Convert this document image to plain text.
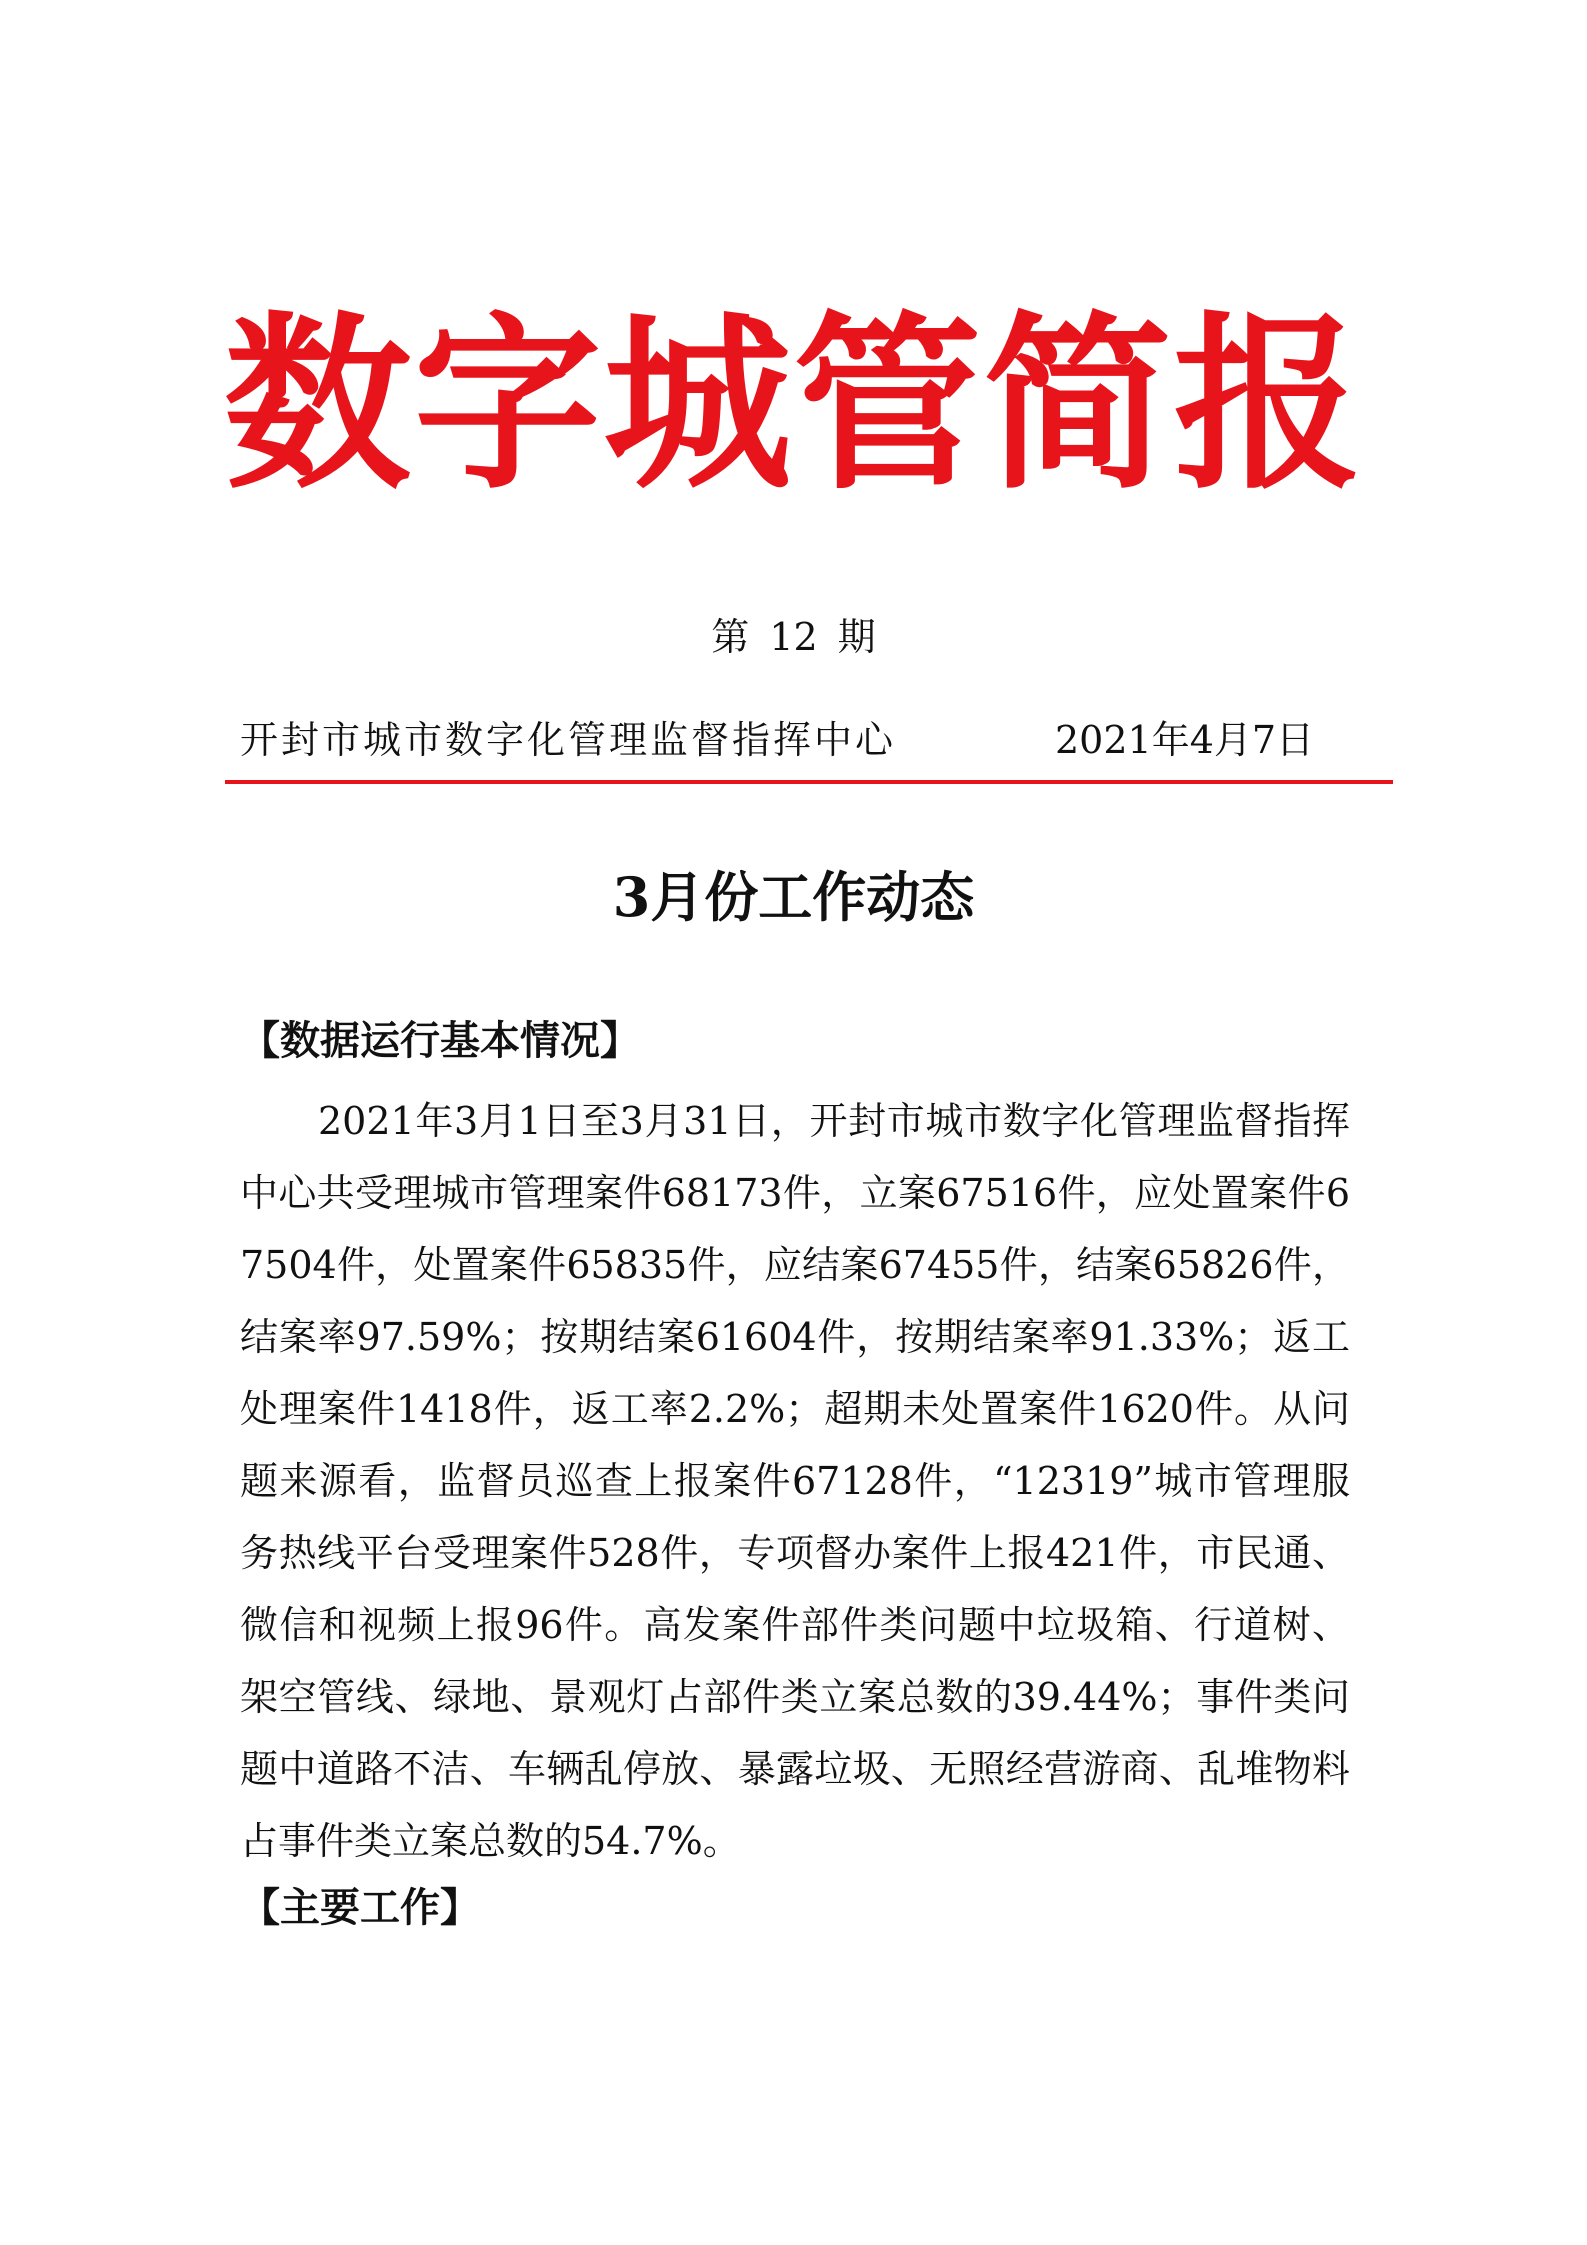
数字城管简报
第 12 期
开封市城市数字化管理监督指挥中心	2021年4月7日
3月份工作动态
【数据运行基本情况】

2021年3月1日至3月31日，开封市城市数字化管理监督指挥中心共受理城市管理案件68173件，立案67516件，应处置案件67504件，处置案件65835件，应结案67455件，结案65826件，结案率97.59%；按期结案61604件，按期结案率91.33%；返工处理案件1418件，返工率2.2%；超期未处置案件1620件。从问题来源看，监督员巡查上报案件67128件，“12319”城市管理服务热线平台受理案件528件，专项督办案件上报421件，市民通、微信和视频上报96件。高发案件部件类问题中垃圾箱、行道树、架空管线、绿地、景观灯占部件类立案总数的39.44%；事件类问题中道路不洁、车辆乱停放、暴露垃圾、无照经营游商、乱堆物料占事件类立案总数的54.7%。

【主要工作】
